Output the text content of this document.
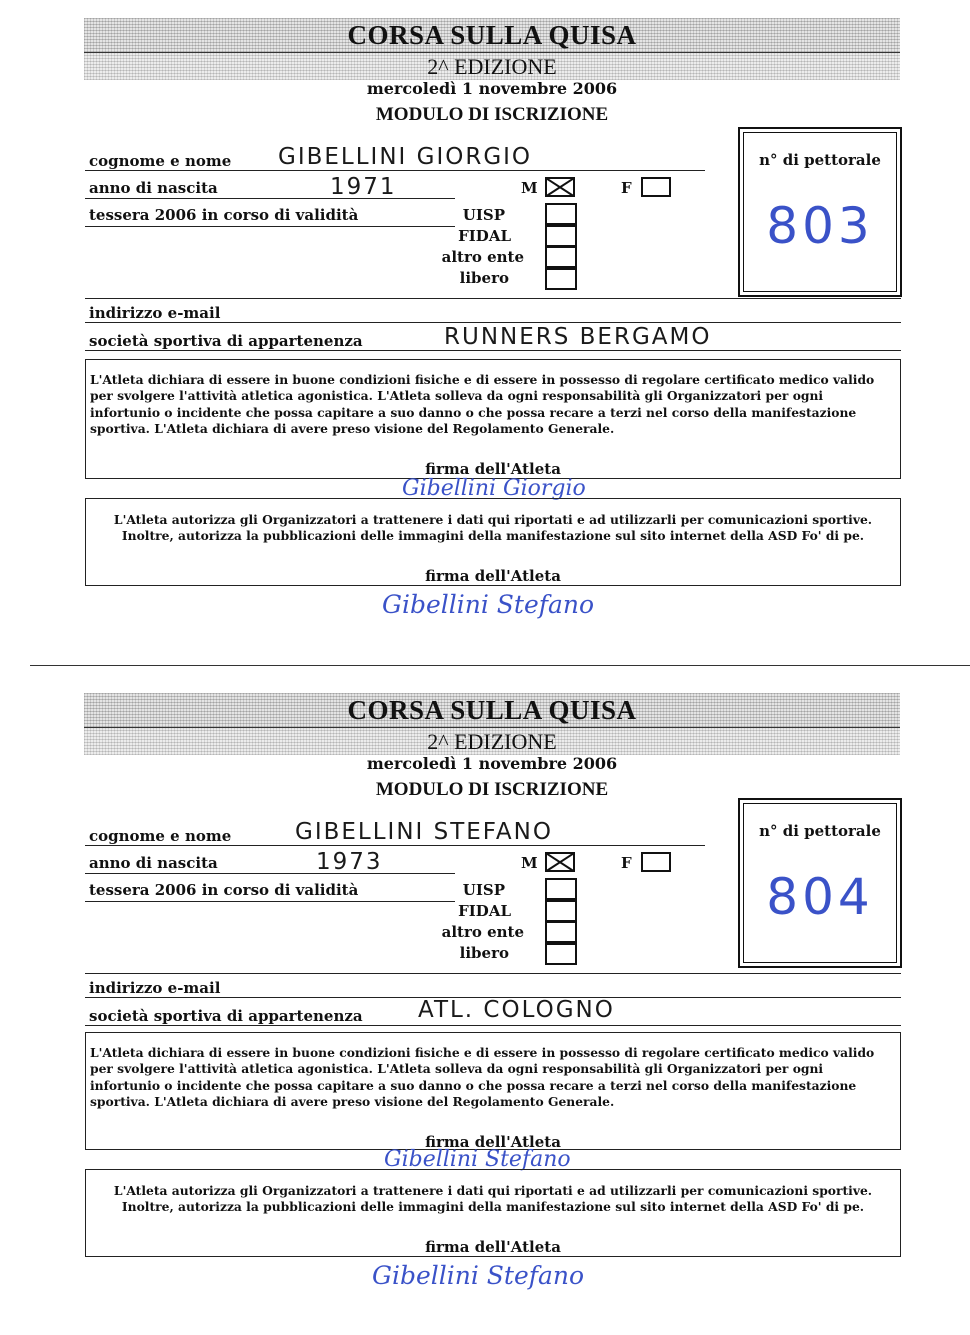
CORSA SULLA QUISA
2^ EDIZIONE
mercoledì 1 novembre 2006
MODULO DI ISCRIZIONE
cognome e nome GIBELLINI GIORGIO
anno di nascita	1971	M	F
tessera 2006 in corso di validità	UISP
FIDAL
altro ente
libero
n° di pettorale
803
indirizzo e-mail
società sportiva di appartenenza	RUNNERS BERGAMO
L'Atleta dichiara di essere in buone condizioni fisiche e di essere in possesso di regolare certificato medico valido per svolgere l'attività atletica agonistica. L'Atleta solleva da ogni responsabilità gli Organizzatori per ogni infortunio o incidente che possa capitare a suo danno o che possa recare a terzi nel corso della manifestazione sportiva. L'Atleta dichiara di avere preso visione del Regolamento Generale.
firma dell'Atleta
Gibellini Giorgio
L'Atleta autorizza gli Organizzatori a trattenere i dati qui riportati e ad utilizzarli per comunicazioni sportive. Inoltre, autorizza la pubblicazioni delle immagini della manifestazione sul sito internet della ASD Fo' di pe.
firma dell'Atleta
Gibellini Stefano
CORSA SULLA QUISA
2^ EDIZIONE
mercoledì 1 novembre 2006
MODULO DI ISCRIZIONE
cognome e nome	GIBELLINI STEFANO
anno di nascita	1973	M	F
tessera 2006 in corso di validità	UISP
FIDAL
altro ente
libero
n° di pettorale
804
indirizzo e-mail
società sportiva di appartenenza ATL. COLOGNO
L'Atleta dichiara di essere in buone condizioni fisiche e di essere in possesso di regolare certificato medico valido per svolgere l'attività atletica agonistica. L'Atleta solleva da ogni responsabilità gli Organizzatori per ogni infortunio o incidente che possa capitare a suo danno o che possa recare a terzi nel corso della manifestazione sportiva. L'Atleta dichiara di avere preso visione del Regolamento Generale.
firma dell'Atleta
Gibellini Stefano
L'Atleta autorizza gli Organizzatori a trattenere i dati qui riportati e ad utilizzarli per comunicazioni sportive. Inoltre, autorizza la pubblicazioni delle immagini della manifestazione sul sito internet della ASD Fo' di pe.
firma dell'Atleta
Gibellini Stefano
